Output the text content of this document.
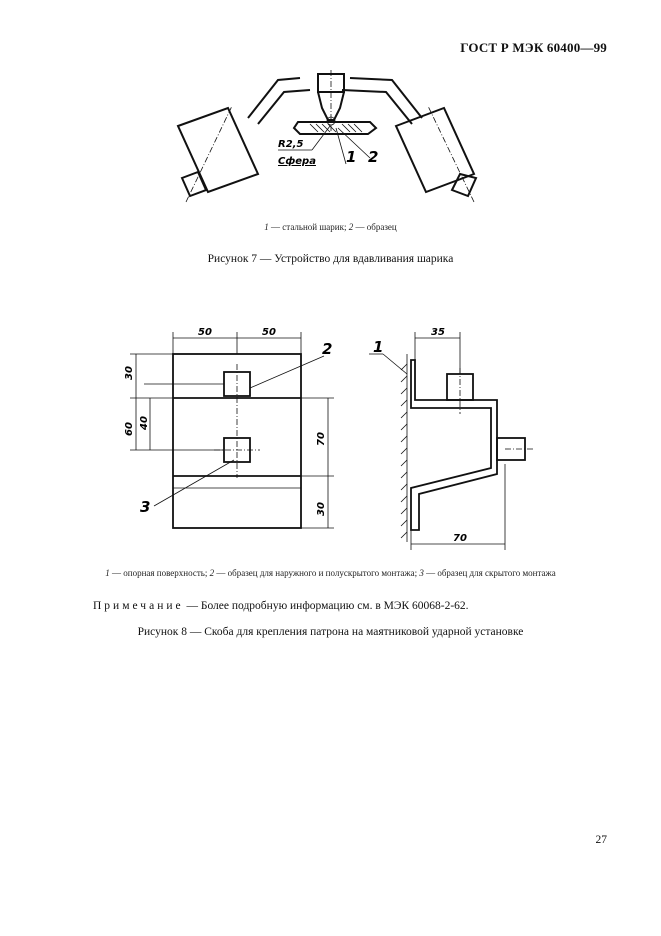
ГОСТ Р МЭК 60400—99
R2,5
Сфера 1 2
1 — стальной шарик; 2 — образец
Рисунок 7 — Устройство для вдавливания шарика
50	50
30
60 40
70
30
2
3
35
70
1
1 — опорная поверхность; 2 — образец для наружного и полускрытого монтажа; 3 — образец для скрытого монтажа
Примечание — Более подробную информацию см. в МЭК 60068-2-62.
Рисунок 8 — Скоба для крепления патрона на маятниковой ударной установке
27
